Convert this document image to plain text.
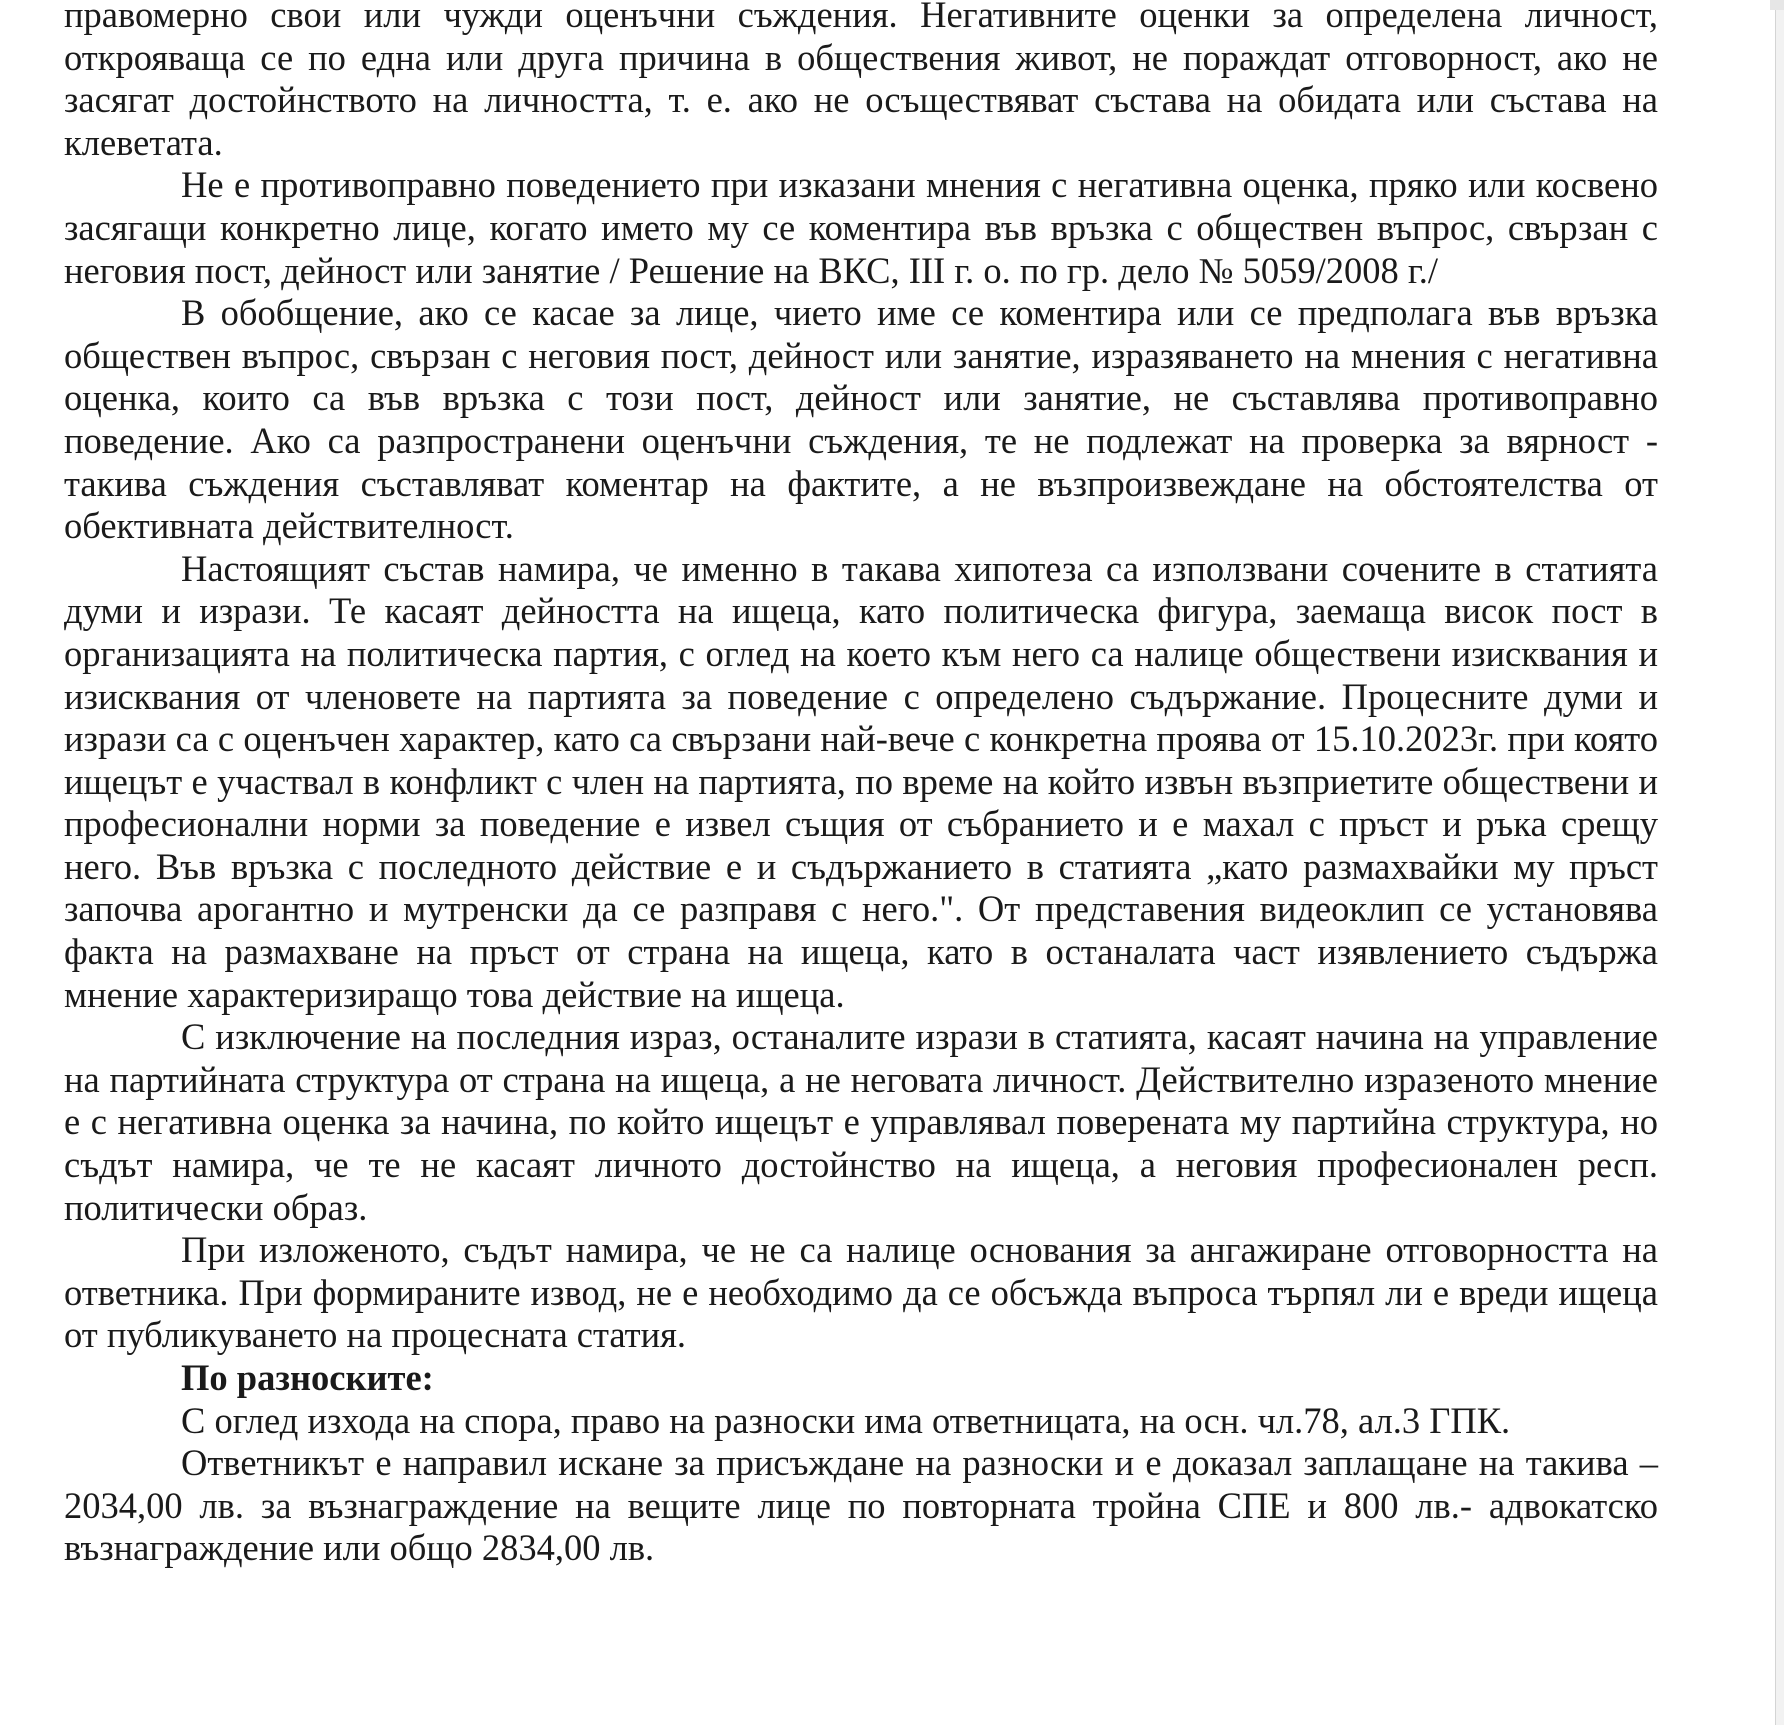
правомерно свои или чужди оценъчни съждения. Негативните оценки за определена личност, открояваща се по една или друга причина в обществения живот, не пораждат отговорност, ако не засягат достойнството на личността, т. е. ако не осъществяват състава на обидата или състава на клеветата.

Не е противоправно поведението при изказани мнения с негативна оценка, пряко или косвено засягащи конкретно лице, когато името му се коментира във връзка с обществен въпрос, свързан с неговия пост, дейност или занятие / Решение на ВКС, III г. о. по гр. дело № 5059/2008 г./

В обобщение, ако се касае за лице, чието име се коментира или се предполага във връзка обществен въпрос, свързан с неговия пост, дейност или занятие, изразяването на мнения с негативна оценка, които са във връзка с този пост, дейност или занятие, не съставлява противоправно поведение. Ако са разпространени оценъчни съждения, те не подлежат на проверка за вярност - такива съждения съставляват коментар на фактите, а не възпроизвеждане на обстоятелства от обективната действителност.

Настоящият състав намира, че именно в такава хипотеза са използвани сочените в статията думи и изрази. Те касаят дейността на ищеца, като политическа фигура, заемаща висок пост в организацията на политическа партия, с оглед на което към него са налице обществени изисквания и изисквания от членовете на партията за поведение с определено съдържание. Процесните думи и изрази са с оценъчен характер, като са свързани най-вече с конкретна проява от 15.10.2023г. при която ищецът е участвал в конфликт с член на партията, по време на който извън възприетите обществени и професионални норми за поведение е извел същия от събранието и е махал с пръст и ръка срещу него. Във връзка с последното действие е и съдържанието в статията „като размахвайки му пръст започва арогантно и мутренски да се разправя с него.". От представения видеоклип се установява факта на размахване на пръст от страна на ищеца, като в останалата част изявлението съдържа мнение характеризиращо това действие на ищеца.

С изключение на последния израз, останалите изрази в статията, касаят начина на управление на партийната структура от страна на ищеца, а не неговата личност. Действително изразеното мнение е с негативна оценка за начина, по който ищецът е управлявал поверената му партийна структура, но съдът намира, че те не касаят личното достойнство на ищеца, а неговия професионален респ. политически образ.

При изложеното, съдът намира, че не са налице основания за ангажиране отговорността на ответника. При формираните извод, не е необходимо да се обсъжда въпроса търпял ли е вреди ищеца от публикуването на процесната статия.

По разноските:

С оглед изхода на спора, право на разноски има ответницата, на осн. чл.78, ал.3 ГПК.

Ответникът е направил искане за присъждане на разноски и е доказал заплащане на такива – 2034,00 лв. за възнаграждение на вещите лице по повторната тройна СПЕ и 800 лв.- адвокатско възнаграждение или общо 2834,00 лв.
